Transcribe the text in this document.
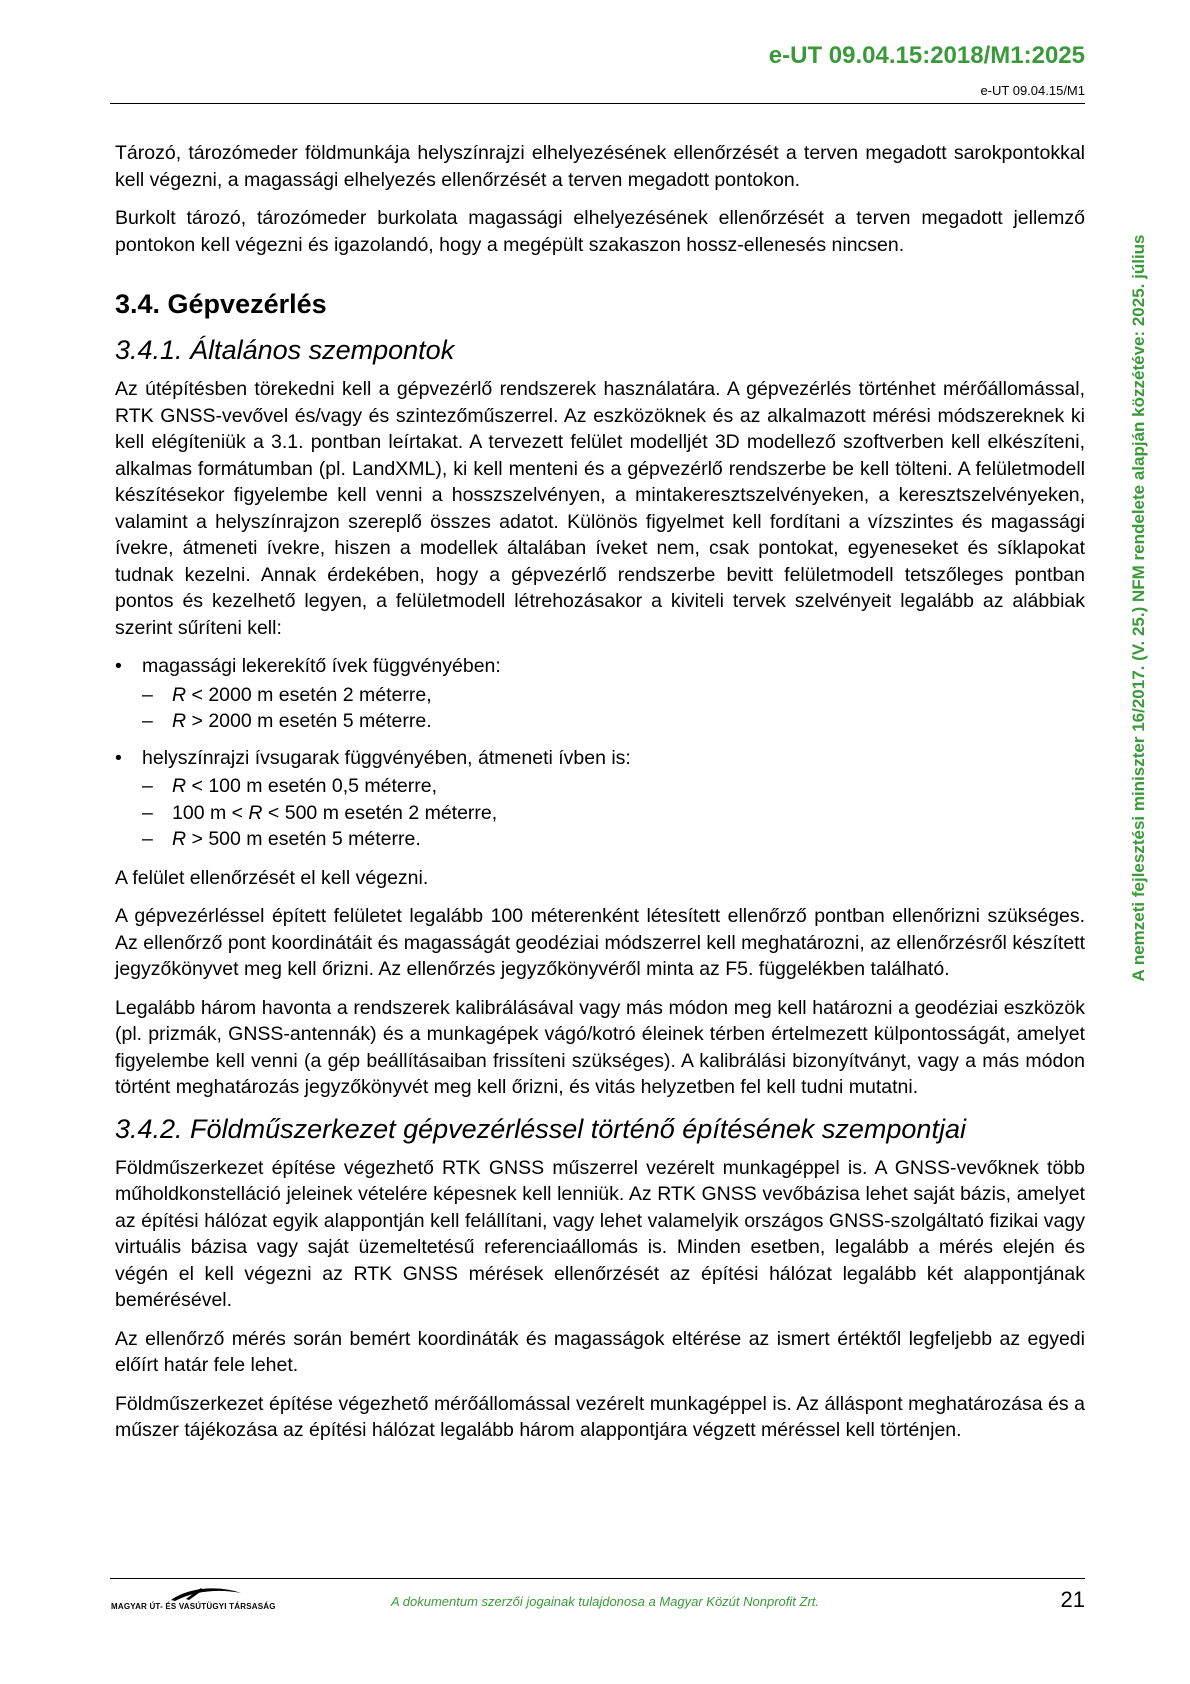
e-UT 09.04.15:2018/M1:2025
e-UT 09.04.15/M1
A nemzeti fejlesztési miniszter 16/2017. (V. 25.) NFM rendelete alapján közzétéve: 2025. július

Tározó, tározómeder földmunkája helyszínrajzi elhelyezésének ellenőrzését a terven megadott sarokpontokkal kell végezni, a magassági elhelyezés ellenőrzését a terven megadott pontokon.

Burkolt tározó, tározómeder burkolata magassági elhelyezésének ellenőrzését a terven megadott jellemző pontokon kell végezni és igazolandó, hogy a megépült szakaszon hossz-ellenesés nincsen.

3.4. Gépvezérlés
3.4.1. Általános szempontok

Az útépítésben törekedni kell a gépvezérlő rendszerek használatára. A gépvezérlés történhet mérőállomással, RTK GNSS-vevővel és/vagy és szintezőműszerrel. Az eszközöknek és az alkalmazott mérési módszereknek ki kell elégíteniük a 3.1. pontban leírtakat. A tervezett felület modelljét 3D modellező szoftverben kell elkészíteni, alkalmas formátumban (pl. LandXML), ki kell menteni és a gépvezérlő rendszerbe be kell tölteni. A felületmodell készítésekor figyelembe kell venni a hosszszelvényen, a mintakeresztszelvényeken, a keresztszelvényeken, valamint a helyszínrajzon szereplő összes adatot. Különös figyelmet kell fordítani a vízszintes és magassági ívekre, átmeneti ívekre, hiszen a modellek általában íveket nem, csak pontokat, egyeneseket és síklapokat tudnak kezelni. Annak érdekében, hogy a gépvezérlő rendszerbe bevitt felületmodell tetszőleges pontban pontos és kezelhető legyen, a felületmodell létrehozásakor a kiviteli tervek szelvényeit legalább az alábbiak szerint sűríteni kell:

• magassági lekerekítő ívek függvényében:
– R < 2000 m esetén 2 méterre,
– R > 2000 m esetén 5 méterre.
• helyszínrajzi ívsugarak függvényében, átmeneti ívben is:
– R < 100 m esetén 0,5 méterre,
– 100 m < R < 500 m esetén 2 méterre,
– R > 500 m esetén 5 méterre.

A felület ellenőrzését el kell végezni.

A gépvezérléssel épített felületet legalább 100 méterenként létesített ellenőrző pontban ellenőrizni szükséges. Az ellenőrző pont koordinátáit és magasságát geodéziai módszerrel kell meghatározni, az ellenőrzésről készített jegyzőkönyvet meg kell őrizni. Az ellenőrzés jegyzőkönyvéről minta az F5. függelékben található.

Legalább három havonta a rendszerek kalibrálásával vagy más módon meg kell határozni a geodéziai eszközök (pl. prizmák, GNSS-antennák) és a munkagépek vágó/kotró éleinek térben értelmezett külpontosságát, amelyet figyelembe kell venni (a gép beállításaiban frissíteni szükséges). A kalibrálási bizonyítványt, vagy a más módon történt meghatározás jegyzőkönyvét meg kell őrizni, és vitás helyzetben fel kell tudni mutatni.

3.4.2. Földműszerkezet gépvezérléssel történő építésének szempontjai

Földműszerkezet építése végezhető RTK GNSS műszerrel vezérelt munkagéppel is. A GNSS-vevőknek több műholdkonstelláció jeleinek vételére képesnek kell lenniük. Az RTK GNSS vevőbázisa lehet saját bázis, amelyet az építési hálózat egyik alappontján kell felállítani, vagy lehet valamelyik országos GNSS-szolgáltató fizikai vagy virtuális bázisa vagy saját üzemeltetésű referenciaállomás is. Minden esetben, legalább a mérés elején és végén el kell végezni az RTK GNSS mérések ellenőrzését az építési hálózat legalább két alappontjának bemérésével.

Az ellenőrző mérés során bemért koordináták és magasságok eltérése az ismert értéktől legfeljebb az egyedi előírt határ fele lehet.

Földműszerkezet építése végezhető mérőállomással vezérelt munkagéppel is. Az álláspont meghatározása és a műszer tájékozása az építési hálózat legalább három alappontjára végzett méréssel kell történjen.

MAGYAR ÚT- ÉS VASÚTÜGYI TÁRSASÁG	A dokumentum szerzői jogainak tulajdonosa a Magyar Közút Nonprofit Zrt.	21
